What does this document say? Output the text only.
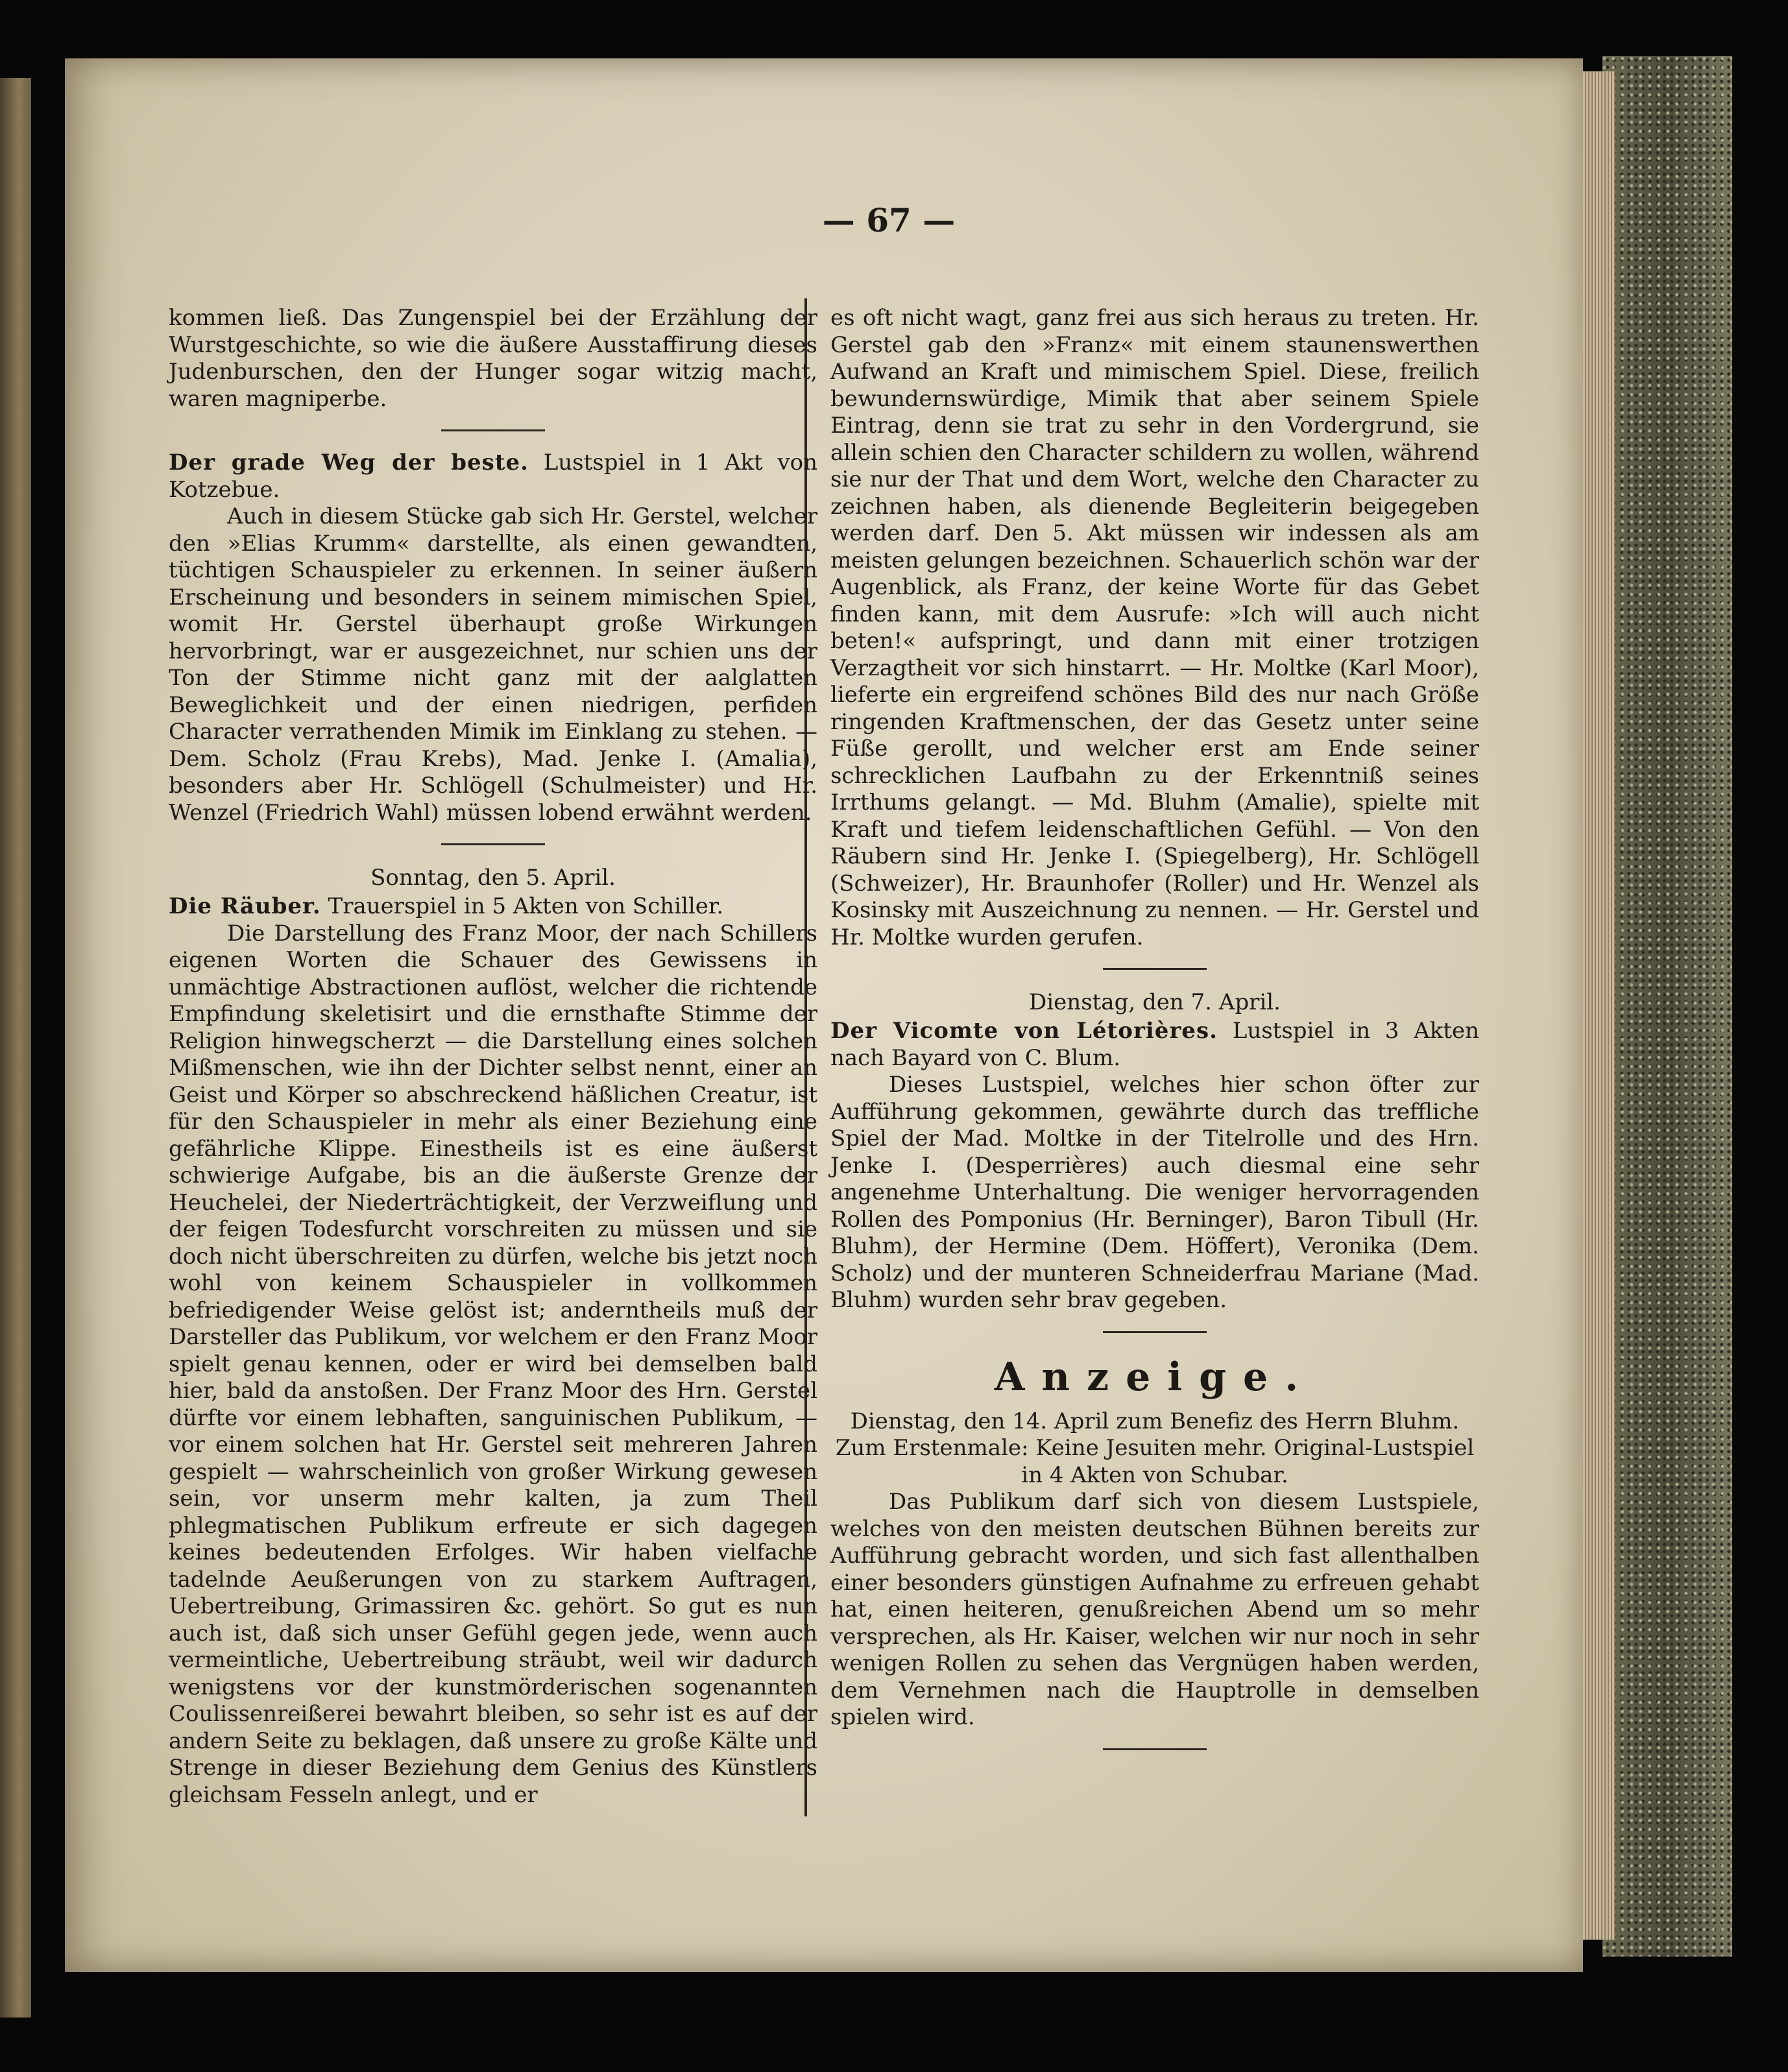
— 67 —

kommen ließ. Das Zungenspiel bei der Erzählung der Wurstgeschichte, so wie die äußere Ausstaffirung dieses Judenburschen, den der Hunger sogar witzig macht, waren magniperbe.

Der grade Weg der beste. Lustspiel in 1 Akt von Kotzebue.

Auch in diesem Stücke gab sich Hr. Gerstel, welcher den »Elias Krumm« darstellte, als einen gewandten, tüchtigen Schauspieler zu erkennen. In seiner äußern Erscheinung und besonders in seinem mimischen Spiel, womit Hr. Gerstel überhaupt große Wirkungen hervorbringt, war er ausgezeichnet, nur schien uns der Ton der Stimme nicht ganz mit der aalglatten Beweglichkeit und der einen niedrigen, perfiden Character verrathenden Mimik im Einklang zu stehen. — Dem. Scholz (Frau Krebs), Mad. Jenke I. (Amalia), besonders aber Hr. Schlögell (Schulmeister) und Hr. Wenzel (Friedrich Wahl) müssen lobend erwähnt werden.

Sonntag, den 5. April.

Die Räuber. Trauerspiel in 5 Akten von Schiller.

Die Darstellung des Franz Moor, der nach Schillers eigenen Worten die Schauer des Gewissens in unmächtige Abstractionen auflöst, welcher die richtende Empfindung skeletisirt und die ernsthafte Stimme der Religion hinwegscherzt — die Darstellung eines solchen Mißmenschen, wie ihn der Dichter selbst nennt, einer an Geist und Körper so abschreckend häßlichen Creatur, ist für den Schauspieler in mehr als einer Beziehung eine gefährliche Klippe. Einestheils ist es eine äußerst schwierige Aufgabe, bis an die äußerste Grenze der Heuchelei, der Niederträchtigkeit, der Verzweiflung und der feigen Todesfurcht vorschreiten zu müssen und sie doch nicht überschreiten zu dürfen, welche bis jetzt noch wohl von keinem Schauspieler in vollkommen befriedigender Weise gelöst ist; anderntheils muß der Darsteller das Publikum, vor welchem er den Franz Moor spielt genau kennen, oder er wird bei demselben bald hier, bald da anstoßen. Der Franz Moor des Hrn. Gerstel dürfte vor einem lebhaften, sanguinischen Publikum, — vor einem solchen hat Hr. Gerstel seit mehreren Jahren gespielt — wahrscheinlich von großer Wirkung gewesen sein, vor unserm mehr kalten, ja zum Theil phlegmatischen Publikum erfreute er sich dagegen keines bedeutenden Erfolges. Wir haben vielfache tadelnde Aeußerungen von zu starkem Auftragen, Uebertreibung, Grimassiren &c. gehört. So gut es nun auch ist, daß sich unser Gefühl gegen jede, wenn auch vermeintliche, Uebertreibung sträubt, weil wir dadurch wenigstens vor der kunstmörderischen sogenannten Coulissenreißerei bewahrt bleiben, so sehr ist es auf der andern Seite zu beklagen, daß unsere zu große Kälte und Strenge in dieser Beziehung dem Genius des Künstlers gleichsam Fesseln anlegt, und er

es oft nicht wagt, ganz frei aus sich heraus zu treten. Hr. Gerstel gab den »Franz« mit einem staunenswerthen Aufwand an Kraft und mimischem Spiel. Diese, freilich bewundernswürdige, Mimik that aber seinem Spiele Eintrag, denn sie trat zu sehr in den Vordergrund, sie allein schien den Character schildern zu wollen, während sie nur der That und dem Wort, welche den Character zu zeichnen haben, als dienende Begleiterin beigegeben werden darf. Den 5. Akt müssen wir indessen als am meisten gelungen bezeichnen. Schauerlich schön war der Augenblick, als Franz, der keine Worte für das Gebet finden kann, mit dem Ausrufe: »Ich will auch nicht beten!« aufspringt, und dann mit einer trotzigen Verzagtheit vor sich hinstarrt. — Hr. Moltke (Karl Moor), lieferte ein ergreifend schönes Bild des nur nach Größe ringenden Kraftmenschen, der das Gesetz unter seine Füße gerollt, und welcher erst am Ende seiner schrecklichen Laufbahn zu der Erkenntniß seines Irrthums gelangt. — Md. Bluhm (Amalie), spielte mit Kraft und tiefem leidenschaftlichen Gefühl. — Von den Räubern sind Hr. Jenke I. (Spiegelberg), Hr. Schlögell (Schweizer), Hr. Braunhofer (Roller) und Hr. Wenzel als Kosinsky mit Auszeichnung zu nennen. — Hr. Gerstel und Hr. Moltke wurden gerufen.

Dienstag, den 7. April.

Der Vicomte von Létorières. Lustspiel in 3 Akten nach Bayard von C. Blum.

Dieses Lustspiel, welches hier schon öfter zur Aufführung gekommen, gewährte durch das treffliche Spiel der Mad. Moltke in der Titelrolle und des Hrn. Jenke I. (Desperrières) auch diesmal eine sehr angenehme Unterhaltung. Die weniger hervorragenden Rollen des Pomponius (Hr. Berninger), Baron Tibull (Hr. Bluhm), der Hermine (Dem. Höffert), Veronika (Dem. Scholz) und der munteren Schneiderfrau Mariane (Mad. Bluhm) wurden sehr brav gegeben.

Anzeige.

Dienstag, den 14. April zum Benefiz des Herrn Bluhm.

Zum Erstenmale: Keine Jesuiten mehr. Original-Lustspiel

in 4 Akten von Schubar.

Das Publikum darf sich von diesem Lustspiele, welches von den meisten deutschen Bühnen bereits zur Aufführung gebracht worden, und sich fast allenthalben einer besonders günstigen Aufnahme zu erfreuen gehabt hat, einen heiteren, genußreichen Abend um so mehr versprechen, als Hr. Kaiser, welchen wir nur noch in sehr wenigen Rollen zu sehen das Vergnügen haben werden, dem Vernehmen nach die Hauptrolle in demselben spielen wird.
